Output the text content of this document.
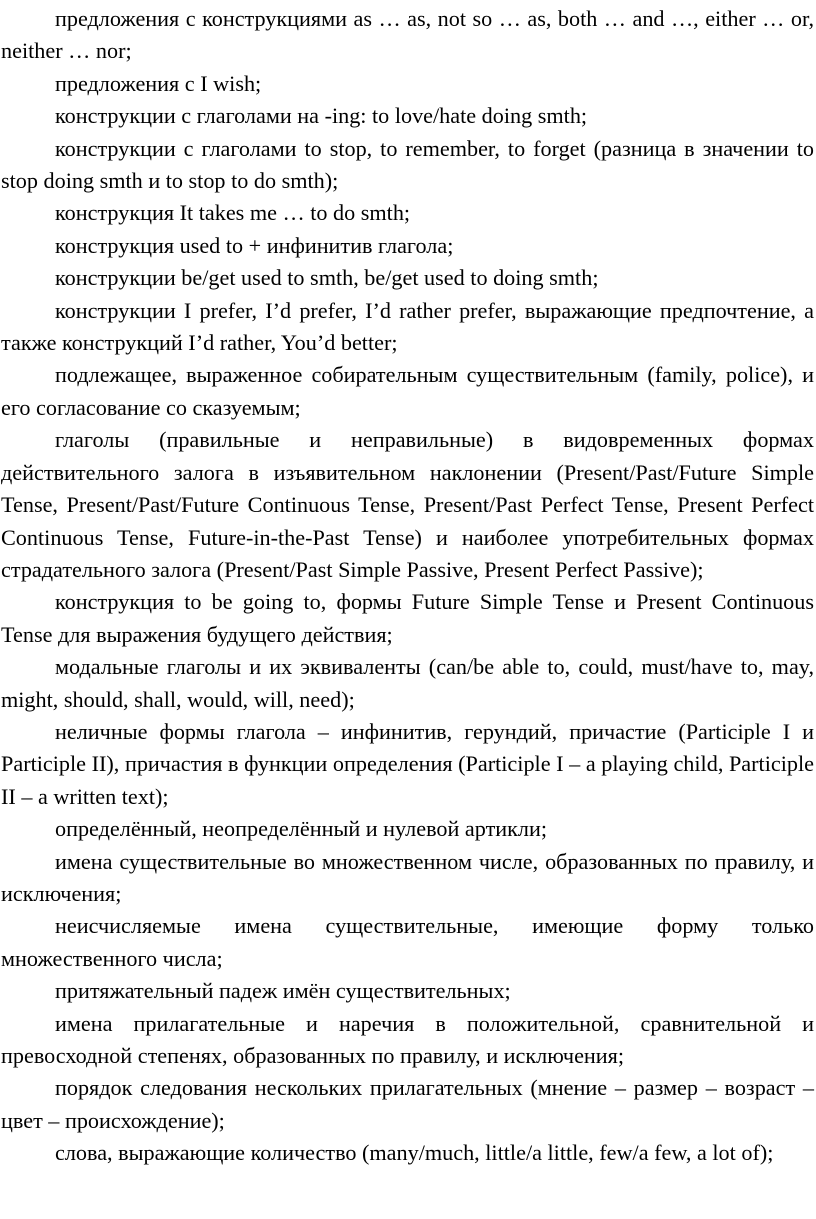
предложения с конструкциями as … as, not so … as, both … and …, either … or, neither … nor;

предложения с I wish;

конструкции с глаголами на -ing: to love/hate doing smth;

конструкции с глаголами to stop, to remember, to forget (разница в значении to stop doing smth и to stop to do smth);

конструкция It takes me … to do smth;

конструкция used to + инфинитив глагола;

конструкции be/get used to smth, be/get used to doing smth;

конструкции I prefer, I’d prefer, I’d rather prefer, выражающие предпочтение, а также конструкций I’d rather, You’d better;

подлежащее, выраженное собирательным существительным (family, police), и его согласование со сказуемым;

глаголы (правильные и неправильные) в видовременных формах действительного залога в изъявительном наклонении (Present/Past/Future Simple Tense, Present/Past/Future Continuous Tense, Present/Past Perfect Tense, Present Perfect Continuous Tense, Future-in-the-Past Tense) и наиболее употребительных формах страдательного залога (Present/Past Simple Passive, Present Perfect Passive);

конструкция to be going to, формы Future Simple Tense и Present Continuous Tense для выражения будущего действия;

модальные глаголы и их эквиваленты (can/be able to, could, must/have to, may, might, should, shall, would, will, need);

неличные формы глагола – инфинитив, герундий, причастие (Participle I и Participle II), причастия в функции определения (Participle I – a playing child, Participle II – a written text);

определённый, неопределённый и нулевой артикли;

имена существительные во множественном числе, образованных по правилу, и исключения;

неисчисляемые имена существительные, имеющие форму только множественного числа;

притяжательный падеж имён существительных;

имена прилагательные и наречия в положительной, сравнительной и превосходной степенях, образованных по правилу, и исключения;

порядок следования нескольких прилагательных (мнение – размер – возраст – цвет – происхождение);

слова, выражающие количество (many/much, little/a little, few/a few, a lot of);
